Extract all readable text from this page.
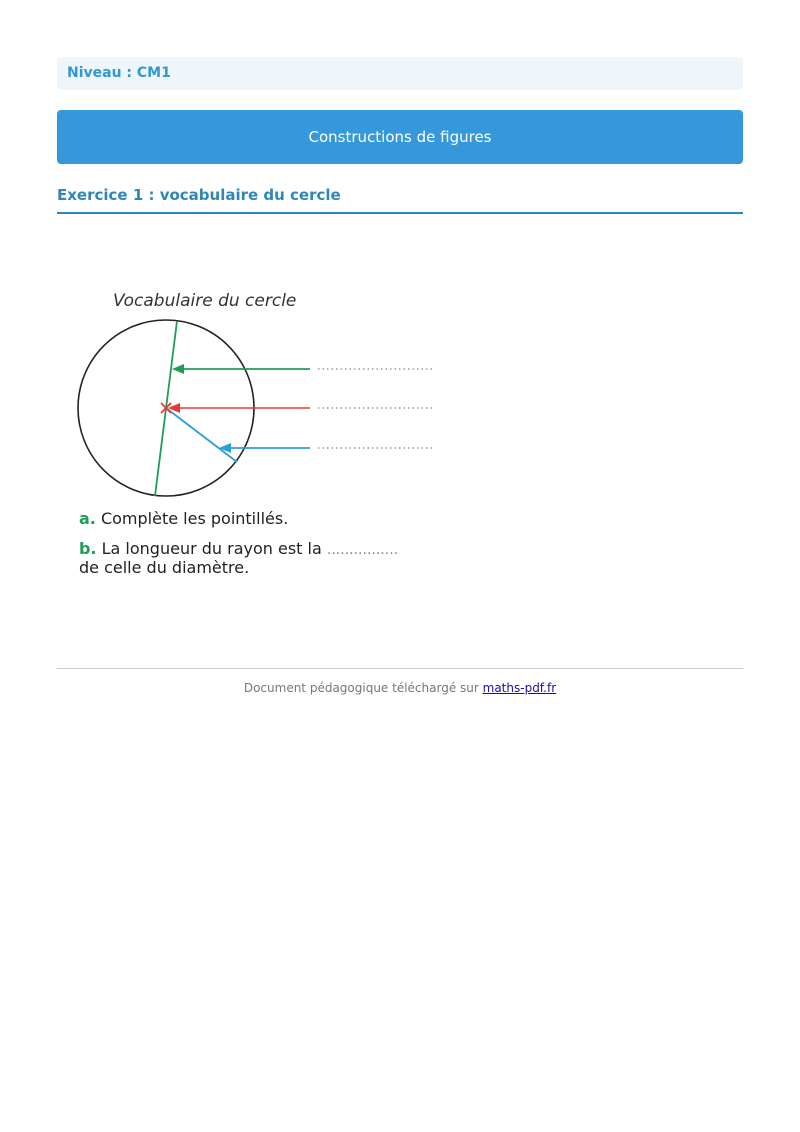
Niveau : CM1
Constructions de figures
Exercice 1 : vocabulaire du cercle
Vocabulaire du cercle
a. Complète les pointillés.
b. La longueur du rayon est la ................
de celle du diamètre.
Document pédagogique téléchargé sur maths-pdf.fr
